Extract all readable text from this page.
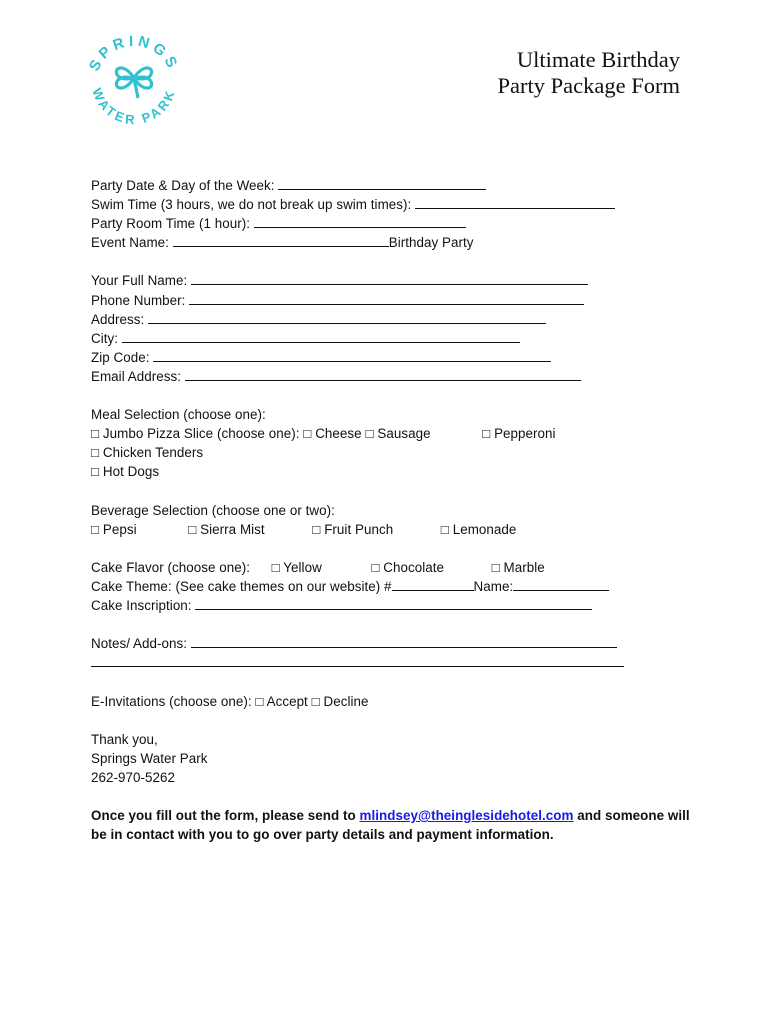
SPRINGS
WATER PARK
Ultimate Birthday
Party Package Form
Party Date & Day of the Week:
Swim Time (3 hours, we do not break up swim times):
Party Room Time (1 hour):
Event Name:	Birthday Party
Your Full Name:
Phone Number:
Address:
City:
Zip Code:
Email Address:
Meal Selection (choose one):
□ Jumbo Pizza Slice (choose one): □ Cheese □ Sausage	□ Pepperoni
□ Chicken Tenders
□ Hot Dogs
Beverage Selection (choose one or two):
□ Pepsi	□ Sierra Mist	□ Fruit Punch	□ Lemonade
Cake Flavor (choose one): □ Yellow	□ Chocolate	□ Marble
Cake Theme: (See cake themes on our website) #	Name:
Cake Inscription:
Notes/ Add-ons:
E-Invitations (choose one): □ Accept □ Decline
Thank you,
Springs Water Park
262-970-5262
Once you fill out the form, please send to mlindsey@theinglesidehotel.com and someone will be in contact with you to go over party details and payment information.
